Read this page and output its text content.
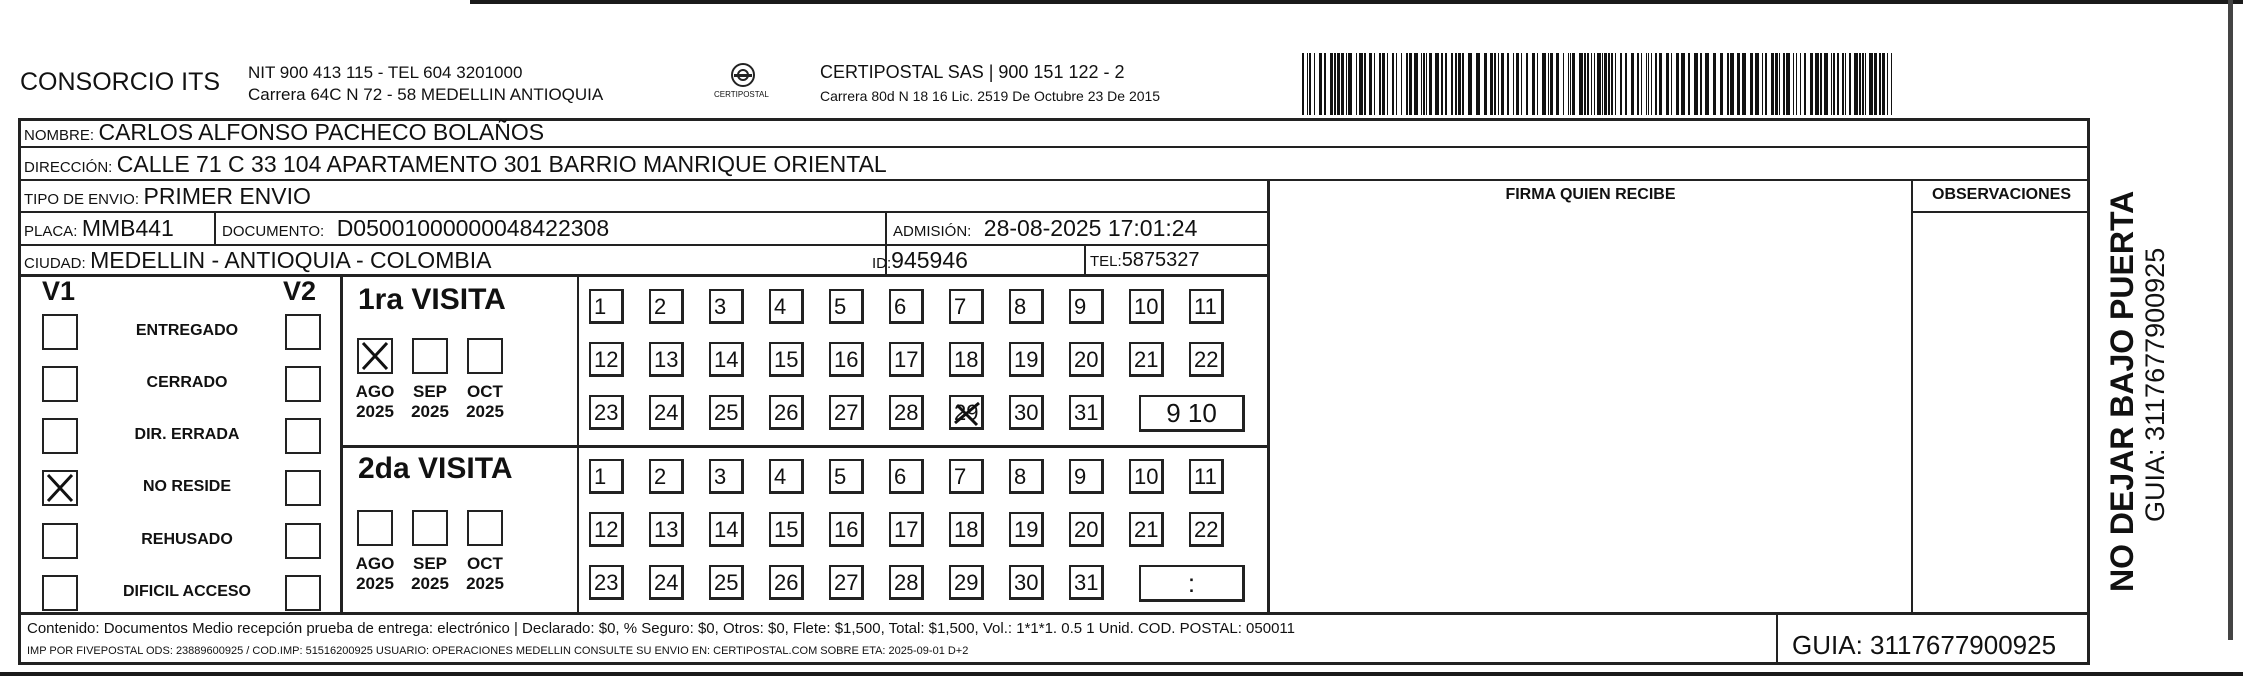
CONSORCIO ITS NIT 900 413 115 - TEL 604 3201000
Carrera 64C N 72 - 58 MEDELLIN ANTIOQUIA	CERTIPOSTAL
CERTIPOSTAL SAS | 900 151 122 - 2
Carrera 80d N 18 16 Lic. 2519 De Octubre 23 De 2015
NOMBRE: CARLOS ALFONSO PACHECO BOLAÑOS
DIRECCIÓN: CALLE 71 C 33 104 APARTAMENTO 301 BARRIO MANRIQUE ORIENTAL
TIPO DE ENVIO: PRIMER ENVIO	FIRMA QUIEN RECIBE	OBSERVACIONES
PLACA: MMB441	DOCUMENTO: D05001000000048422308	ADMISIÓN: 28-08-2025 17:01:24
CIUDAD: MEDELLIN - ANTIOQUIA - COLOMBIA	ID:945946	TEL:5875327
V1	V2 1ra VISITA
2da VISITA
Contenido: Documentos Medio recepción prueba de entrega: electrónico | Declarado: $0, % Seguro: $0, Otros: $0, Flete: $1,500, Total: $1,500, Vol.: 1*1*1. 0.5 1 Unid. COD. POSTAL: 050011
IMP POR FIVEPOSTAL ODS: 23889600925 / COD.IMP: 51516200925 USUARIO: OPERACIONES MEDELLIN CONSULTE SU ENVIO EN: CERTIPOSTAL.COM SOBRE ETA: 2025-09-01 D+2	GUIA: 3117677900925
NO DEJAR BAJO PUERTA GUIA: 3117677900925
ENTREGADO
CERRADO
DIR. ERRADA
NO RESIDE
REHUSADO
DIFICIL ACCESO
AGO
2025
SEP
2025
OCT
2025
AGO
2025
SEP
2025
OCT
2025
1	2	3	4	5	6	7	8	9	10 11
12 13 14 15 16 17 18 19 20 21 22
23 24 25 26 27 28 29 30 31	9 10
1	2	3	4	5	6	7	8	9	10 11
12 13 14 15 16 17 18 19 20 21 22
23 24 25 26 27 28 29 30 31	:
